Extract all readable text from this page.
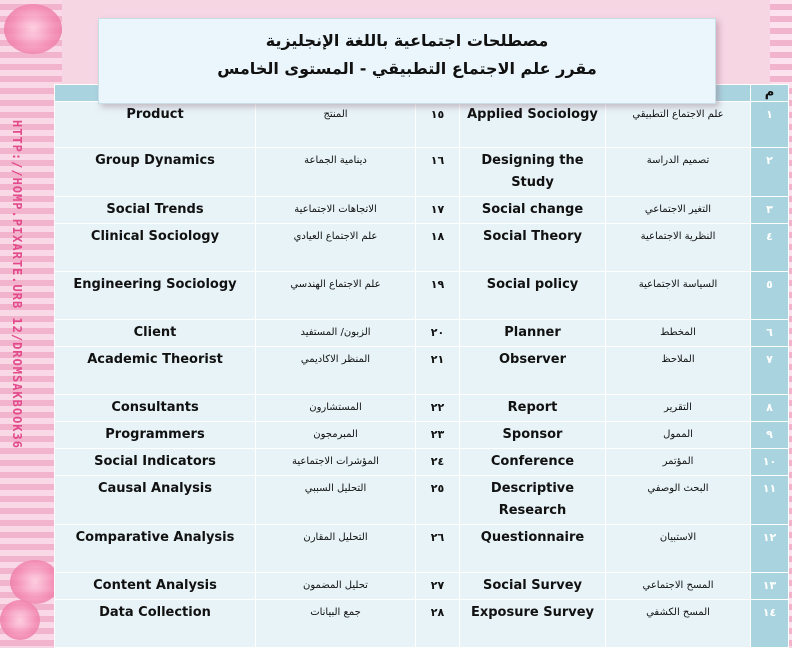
HTTP://HOMP.PIXARTE.URB 12/DROMSAKBOOK36
مصطلحات اجتماعية باللغة الإنجليزية
مقرر علم الاجتماع التطبيقي - المستوى الخامس
م					
١	علم الاجتماع التطبيقي	Applied Sociology	١٥	المنتج	Product
٢	تصميم الدراسة	Designing the Study	١٦	دينامية الجماعة	Group Dynamics
٣	التغير الاجتماعي	Social change	١٧	الاتجاهات الاجتماعية	Social Trends
٤	النظرية الاجتماعية	Social Theory	١٨	علم الاجتماع العيادي	Clinical Sociology
٥	السياسة الاجتماعية	Social policy	١٩	علم الاجتماع الهندسي	Engineering Sociology
٦	المخطط	Planner	٢٠	الزبون/ المستفيد	Client
٧	الملاحظ	Observer	٢١	المنظر الاكاديمي	Academic Theorist
٨	التقرير	Report	٢٢	المستشارون	Consultants
٩	الممول	Sponsor	٢٣	المبرمجون	Programmers
١٠	المؤتمر	Conference	٢٤	المؤشرات الاجتماعية	Social Indicators
١١	البحث الوصفي	Descriptive Research	٢٥	التحليل السببي	Causal Analysis
١٢	الاستبيان	Questionnaire	٢٦	التحليل المقارن	Comparative Analysis
١٣	المسح الاجتماعي	Social Survey	٢٧	تحليل المضمون	Content Analysis
١٤	المسح الكشفي	Exposure Survey	٢٨	جمع البيانات	Data Collection
